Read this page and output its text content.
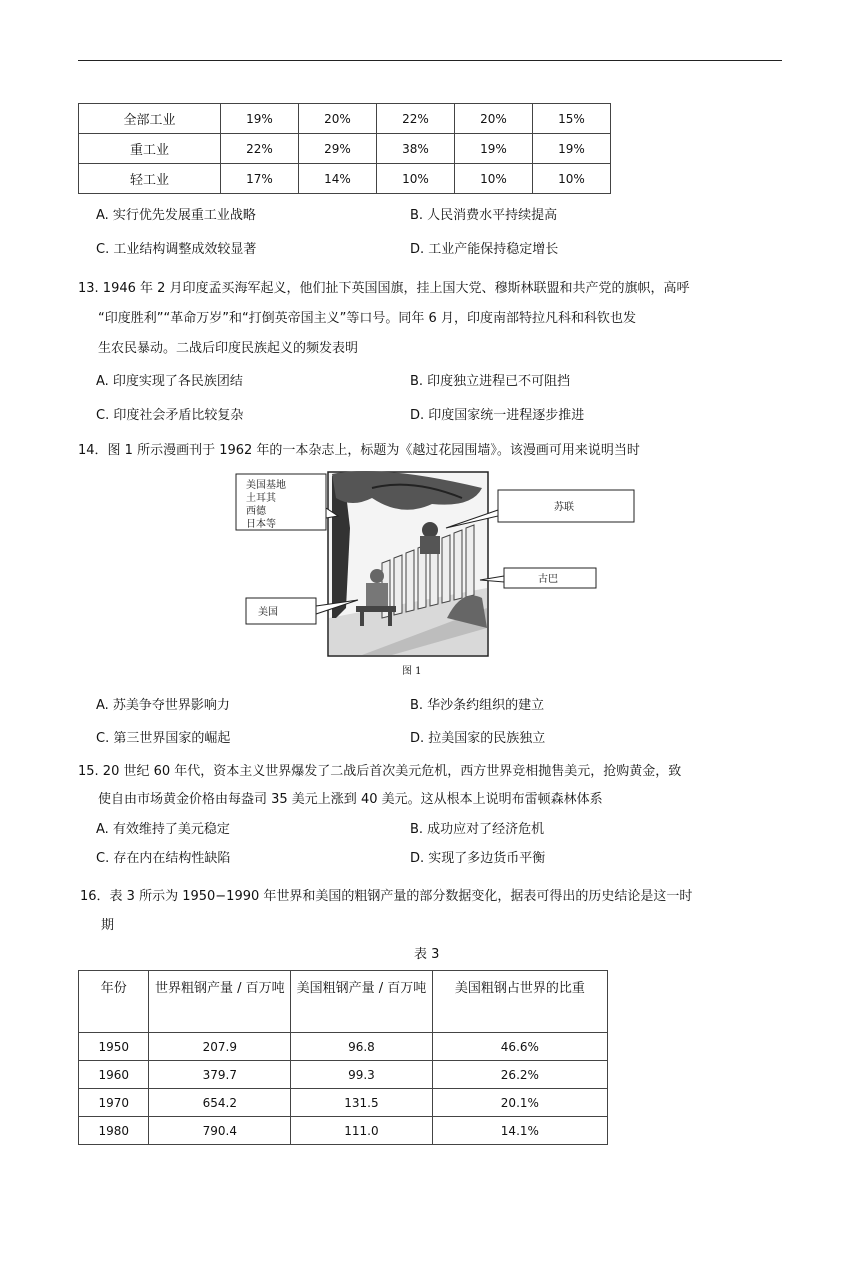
全部工业	19%	20%	22%	20%	15%
重工业	22%	29%	38%	19%	19%
轻工业	17%	14%	10%	10%	10%
A. 实行优先发展重工业战略	B. 人民消费水平持续提高
C. 工业结构调整成效较显著	D. 工业产能保持稳定增长
13. 1946 年 2 月印度孟买海军起义，他们扯下英国国旗，挂上国大党、穆斯林联盟和共产党的旗帜，高呼
“印度胜利”“革命万岁”和“打倒英帝国主义”等口号。同年 6 月，印度南部特拉凡科和科钦也发
生农民暴动。二战后印度民族起义的频发表明
A. 印度实现了各民族团结	B. 印度独立进程已不可阻挡
C. 印度社会矛盾比较复杂	D. 印度国家统一进程逐步推进
14．图 1 所示漫画刊于 1962 年的一本杂志上，标题为《越过花园围墙》。该漫画可用来说明当时
美国基地
土耳其
西德
日本等
苏联
古巴
美国
图 1
A. 苏美争夺世界影响力	B. 华沙条约组织的建立
C. 第三世界国家的崛起	D. 拉美国家的民族独立
15. 20 世纪 60 年代，资本主义世界爆发了二战后首次美元危机，西方世界竞相抛售美元，抢购黄金，致
使自由市场黄金价格由每盎司 35 美元上涨到 40 美元。这从根本上说明布雷顿森林体系
A. 有效维持了美元稳定	B. 成功应对了经济危机
C. 存在内在结构性缺陷	D. 实现了多边货币平衡
16．表 3 所示为 1950−1990 年世界和美国的粗钢产量的部分数据变化，据表可得出的历史结论是这一时
期
表 3
年份	世界粗钢产量 / 百万吨	美国粗钢产量 / 百万吨	美国粗钢占世界的比重
1950	207.9	96.8	46.6%
1960	379.7	99.3	26.2%
1970	654.2	131.5	20.1%
1980	790.4	111.0	14.1%
